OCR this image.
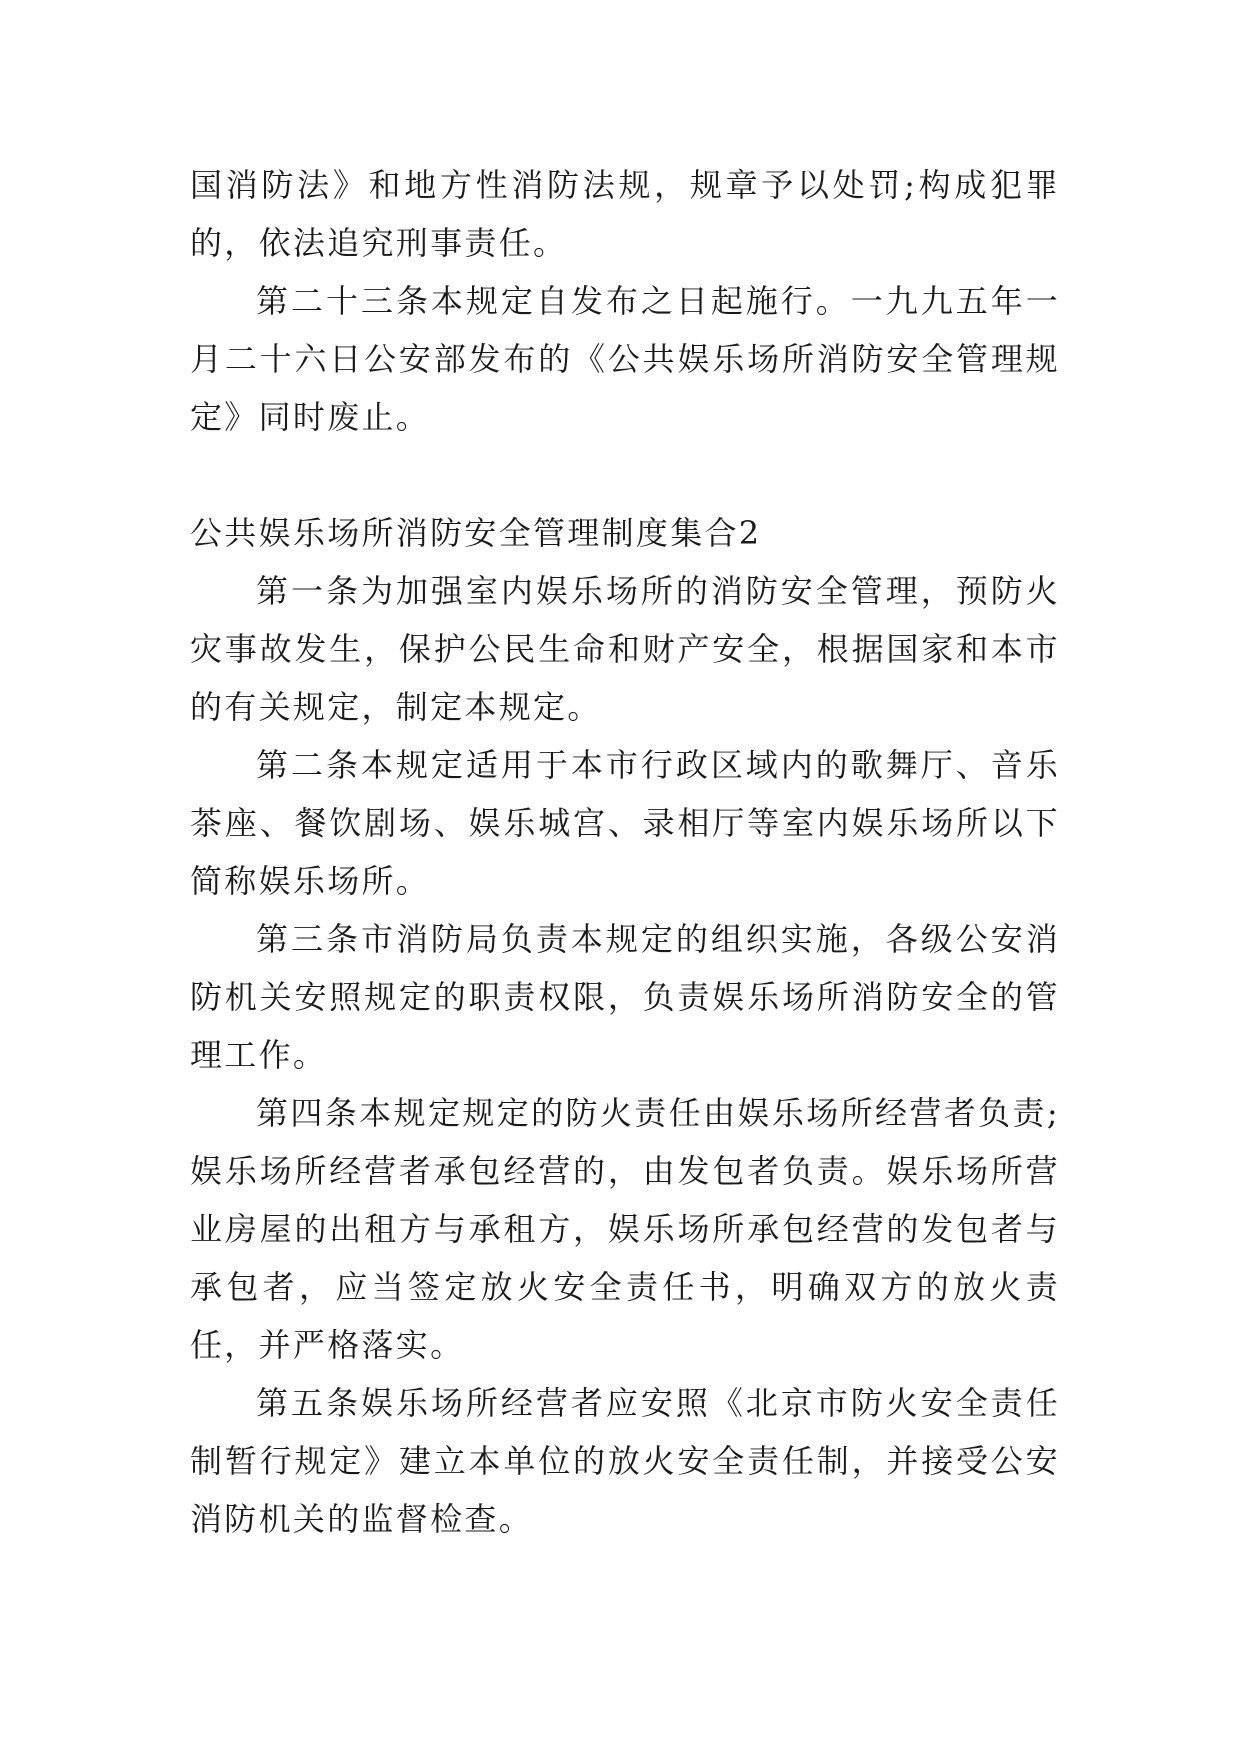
国消防法》和地方性消防法规，规章予以处罚;构成犯罪的，依法追究刑事责任。

第二十三条本规定自发布之日起施行。一九九五年一月二十六日公安部发布的《公共娱乐场所消防安全管理规定》同时废止。

公共娱乐场所消防安全管理制度集合2

第一条为加强室内娱乐场所的消防安全管理，预防火灾事故发生，保护公民生命和财产安全，根据国家和本市的有关规定，制定本规定。

第二条本规定适用于本市行政区域内的歌舞厅、音乐茶座、餐饮剧场、娱乐城宫、录相厅等室内娱乐场所以下简称娱乐场所。

第三条市消防局负责本规定的组织实施，各级公安消防机关安照规定的职责权限，负责娱乐场所消防安全的管理工作。

第四条本规定规定的防火责任由娱乐场所经营者负责;娱乐场所经营者承包经营的，由发包者负责。娱乐场所营业房屋的出租方与承租方，娱乐场所承包经营的发包者与承包者，应当签定放火安全责任书，明确双方的放火责任，并严格落实。

第五条娱乐场所经营者应安照《北京市防火安全责任制暂行规定》建立本单位的放火安全责任制，并接受公安消防机关的监督检查。
